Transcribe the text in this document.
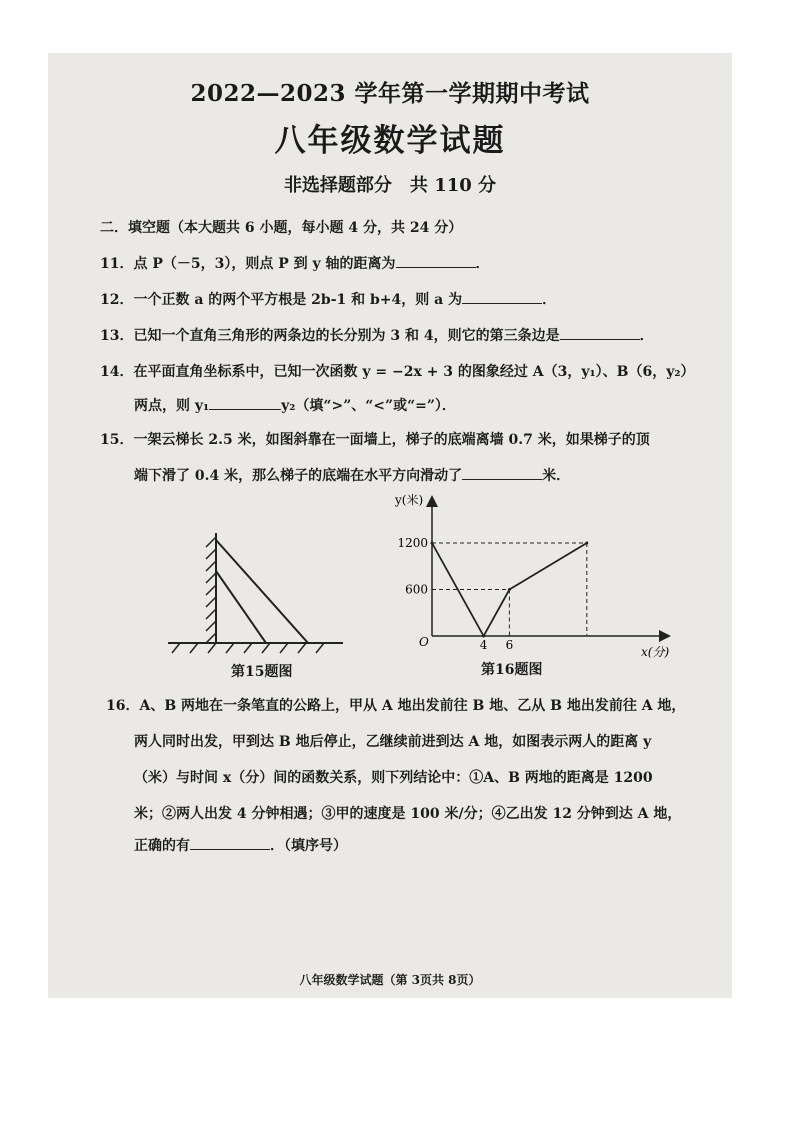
2022—2023 学年第一学期期中考试
八年级数学试题
非选择题部分　共 110 分
二．填空题（本大题共 6 小题，每小题 4 分，共 24 分）
11．点 P（－5，3），则点 P 到 y 轴的距离为	．
12．一个正数 a 的两个平方根是 2b-1 和 b+4，则 a 为	．
13．已知一个直角三角形的两条边的长分别为 3 和 4，则它的第三条边是	．
14．在平面直角坐标系中，已知一次函数 y = −2x + 3 的图象经过 A（3，y₁）、B（6，y₂）
两点，则 y₁	y₂（填“>”、“<”或“=”）．
15．一架云梯长 2.5 米，如图斜靠在一面墙上，梯子的底端离墙 0.7 米，如果梯子的顶
端下滑了 0.4 米，那么梯子的底端在水平方向滑动了	米．
第15题图
y(米)
x(分)
O
1200
600
4 6
第16题图
16．A、B 两地在一条笔直的公路上，甲从 A 地出发前往 B 地、乙从 B 地出发前往 A 地，
两人同时出发，甲到达 B 地后停止，乙继续前进到达 A 地，如图表示两人的距离 y
（米）与时间 x（分）间的函数关系，则下列结论中：①A、B 两地的距离是 1200
米；②两人出发 4 分钟相遇；③甲的速度是 100 米/分；④乙出发 12 分钟到达 A 地，
正确的有	．（填序号）
八年级数学试题（第 3页共 8页）
